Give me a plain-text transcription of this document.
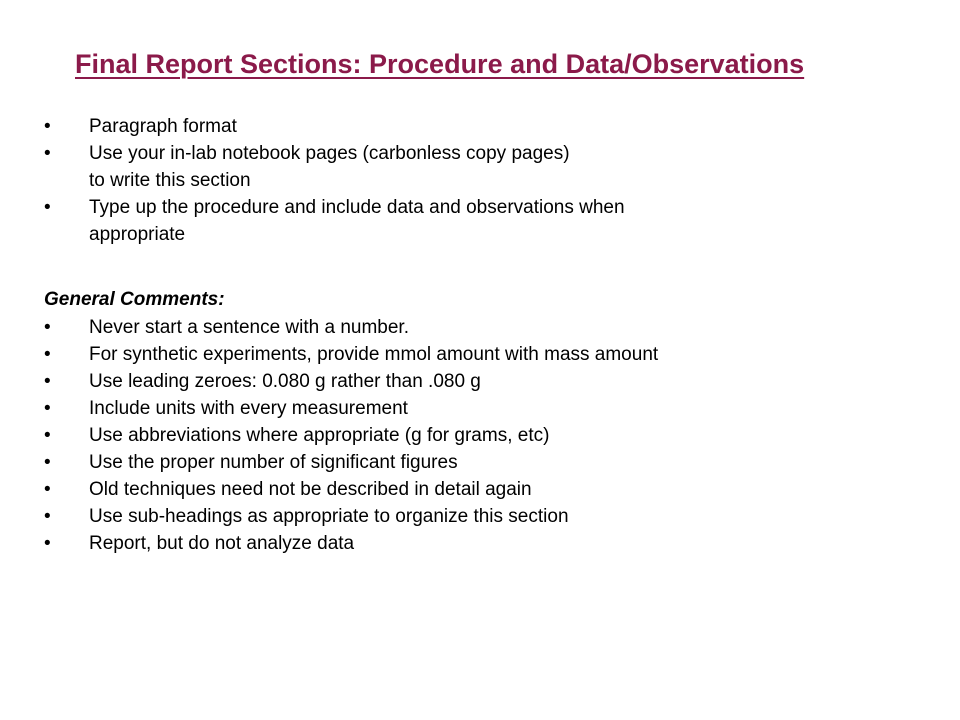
Final Report Sections: Procedure and Data/Observations
•	Paragraph format
•	Use your in-lab notebook pages (carbonless copy pages)
to write this section
•	Type up the procedure and include data and observations when
appropriate

General Comments:

•	Never start a sentence with a number.
•	For synthetic experiments, provide mmol amount with mass amount
•	Use leading zeroes: 0.080 g rather than .080 g
•	Include units with every measurement
•	Use abbreviations where appropriate (g for grams, etc)
•	Use the proper number of significant figures
•	Old techniques need not be described in detail again
•	Use sub-headings as appropriate to organize this section
•	Report, but do not analyze data
